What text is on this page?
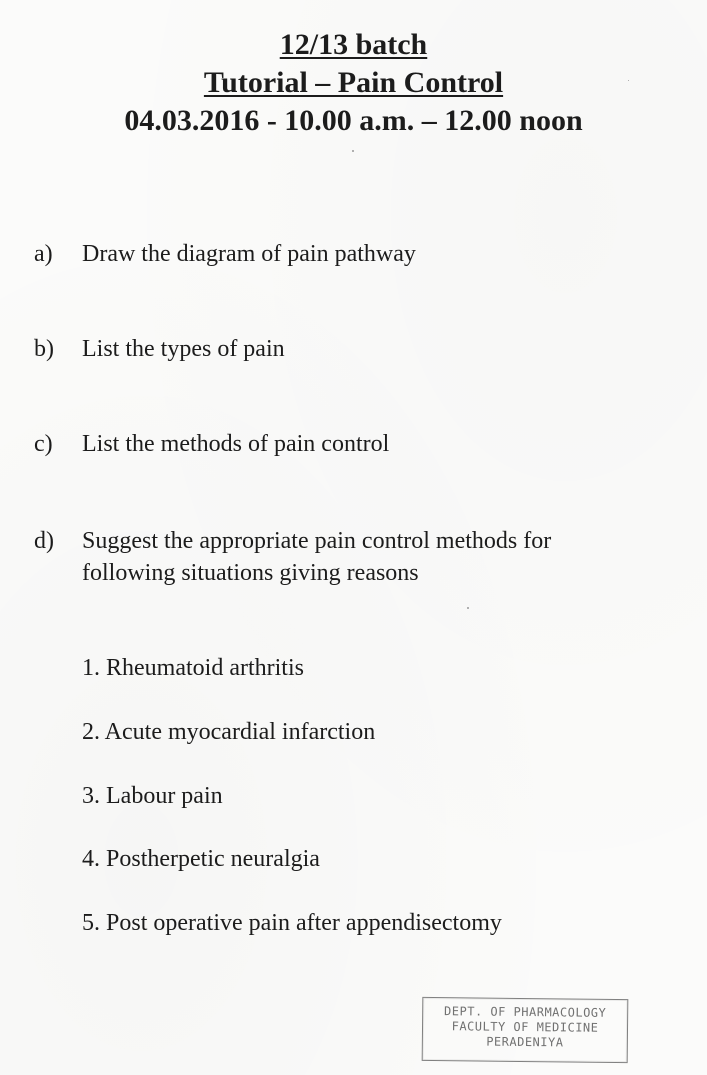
12/13 batch
Tutorial – Pain Control
04.03.2016 - 10.00 a.m. – 12.00 noon
a)	Draw the diagram of pain pathway
b)	List the types of pain
c)	List the methods of pain control
d)	Suggest the appropriate pain control methods for following situations giving reasons
1. Rheumatoid arthritis
2. Acute myocardial infarction
3. Labour pain
4. Postherpetic neuralgia
5. Post operative pain after appendisectomy
DEPT. OF PHARMACOLOGY
FACULTY OF MEDICINE
PERADENIYA
